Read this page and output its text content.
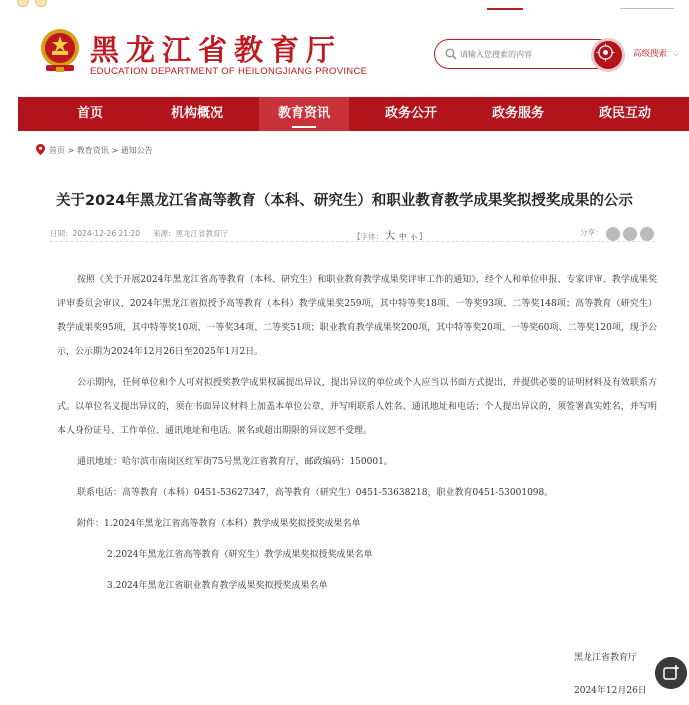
黑龙江省教育厅
EDUCATION DEPARTMENT OF HEILONGJIANG PROVINCE
请输入您搜索的内容
高级搜索 ⌵
首页	机构概况	教育资讯	政务公开	政务服务	政民互动
首页 > 教育资讯 > 通知公告
关于2024年黑龙江省高等教育（本科、研究生）和职业教育教学成果奖拟授奖成果的公示
日期：2024-12-26 21:20 来源：黑龙江省教育厅	【字体： 大 中 小 】	分享：

按照《关于开展2024年黑龙江省高等教育（本科、研究生）和职业教育教学成果奖评审工作的通知》，经个人和单位申报、专家评审、教学成果奖评审委员会审议，2024年黑龙江省拟授予高等教育（本科）教学成果奖259项，其中特等奖18项、一等奖93项、二等奖148项；高等教育（研究生）教学成果奖95项，其中特等奖10项、一等奖34项、二等奖51项；职业教育教学成果奖200项，其中特等奖20项、一等奖60项、二等奖120项，现予公示，公示期为2024年12月26日至2025年1月2日。

公示期内，任何单位和个人可对拟授奖教学成果权属提出异议，提出异议的单位或个人应当以书面方式提出，并提供必要的证明材料及有效联系方式。以单位名义提出异议的，须在书面异议材料上加盖本单位公章，并写明联系人姓名、通讯地址和电话；个人提出异议的，须签署真实姓名，并写明本人身份证号、工作单位、通讯地址和电话。匿名或超出期限的异议恕不受理。

通讯地址：哈尔滨市南岗区红军街75号黑龙江省教育厅，邮政编码：150001。

联系电话：高等教育（本科）0451-53627347，高等教育（研究生）0451-53638218，职业教育0451-53001098。

附件：1.2024年黑龙江省高等教育（本科）教学成果奖拟授奖成果名单

2.2024年黑龙江省高等教育（研究生）教学成果奖拟授奖成果名单

3.2024年黑龙江省职业教育教学成果奖拟授奖成果名单

黑龙江省教育厅
2024年12月26日
